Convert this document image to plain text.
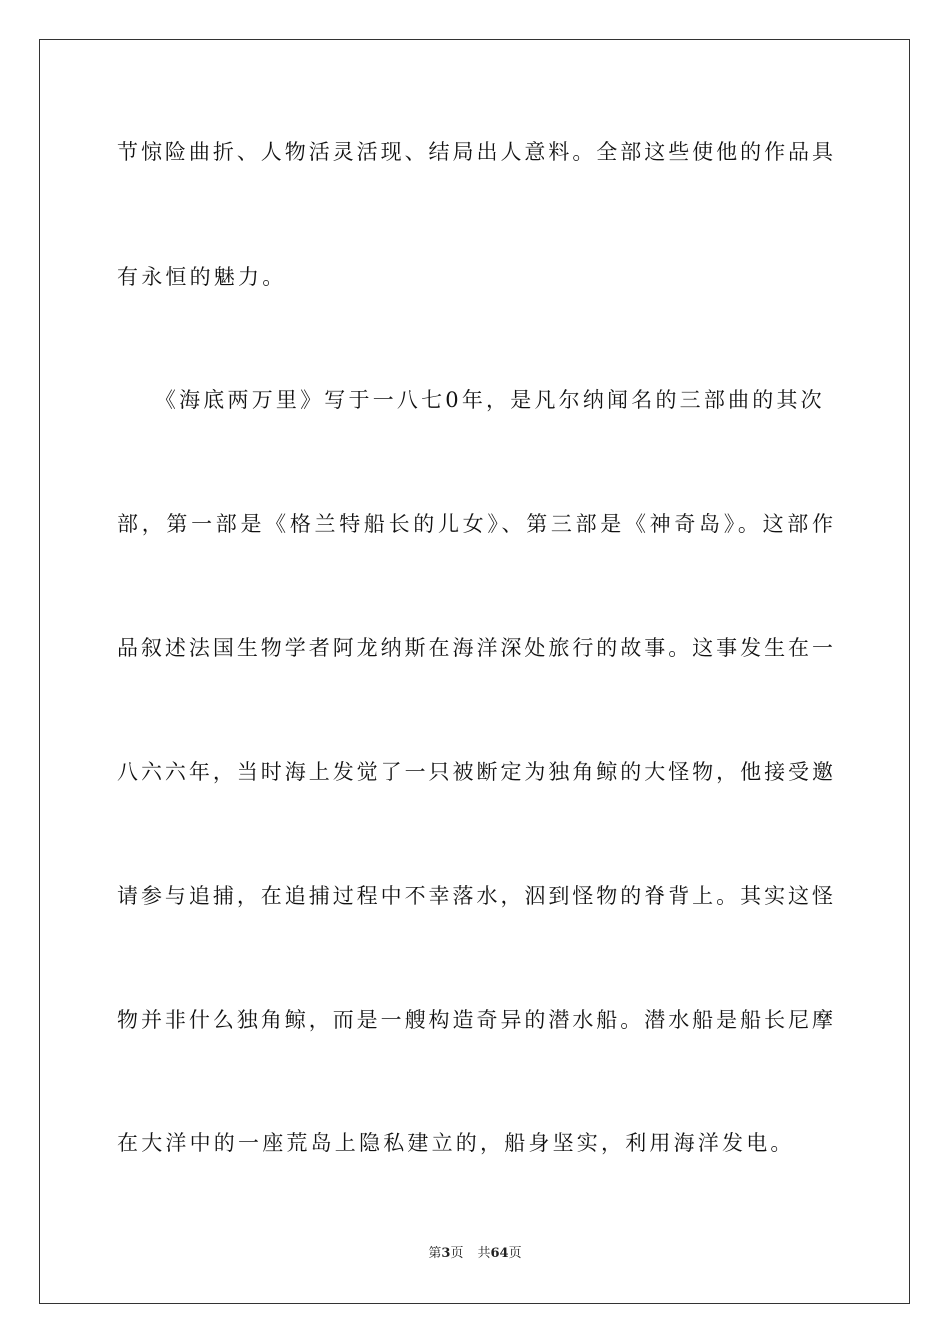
节惊险曲折、人物活灵活现、结局出人意料。全部这些使他的作品具
有永恒的魅力。
　　《海底两万里》写于一八七0年，是凡尔纳闻名的三部曲的其次
部，第一部是《格兰特船长的儿女》、第三部是《神奇岛》。这部作
品叙述法国生物学者阿龙纳斯在海洋深处旅行的故事。这事发生在一
八六六年，当时海上发觉了一只被断定为独角鲸的大怪物，他接受邀
请参与追捕，在追捕过程中不幸落水，泅到怪物的脊背上。其实这怪
物并非什么独角鲸，而是一艘构造奇异的潜水船。潜水船是船长尼摩
在大洋中的一座荒岛上隐私建立的，船身坚实，利用海洋发电。
第3页 共64页
